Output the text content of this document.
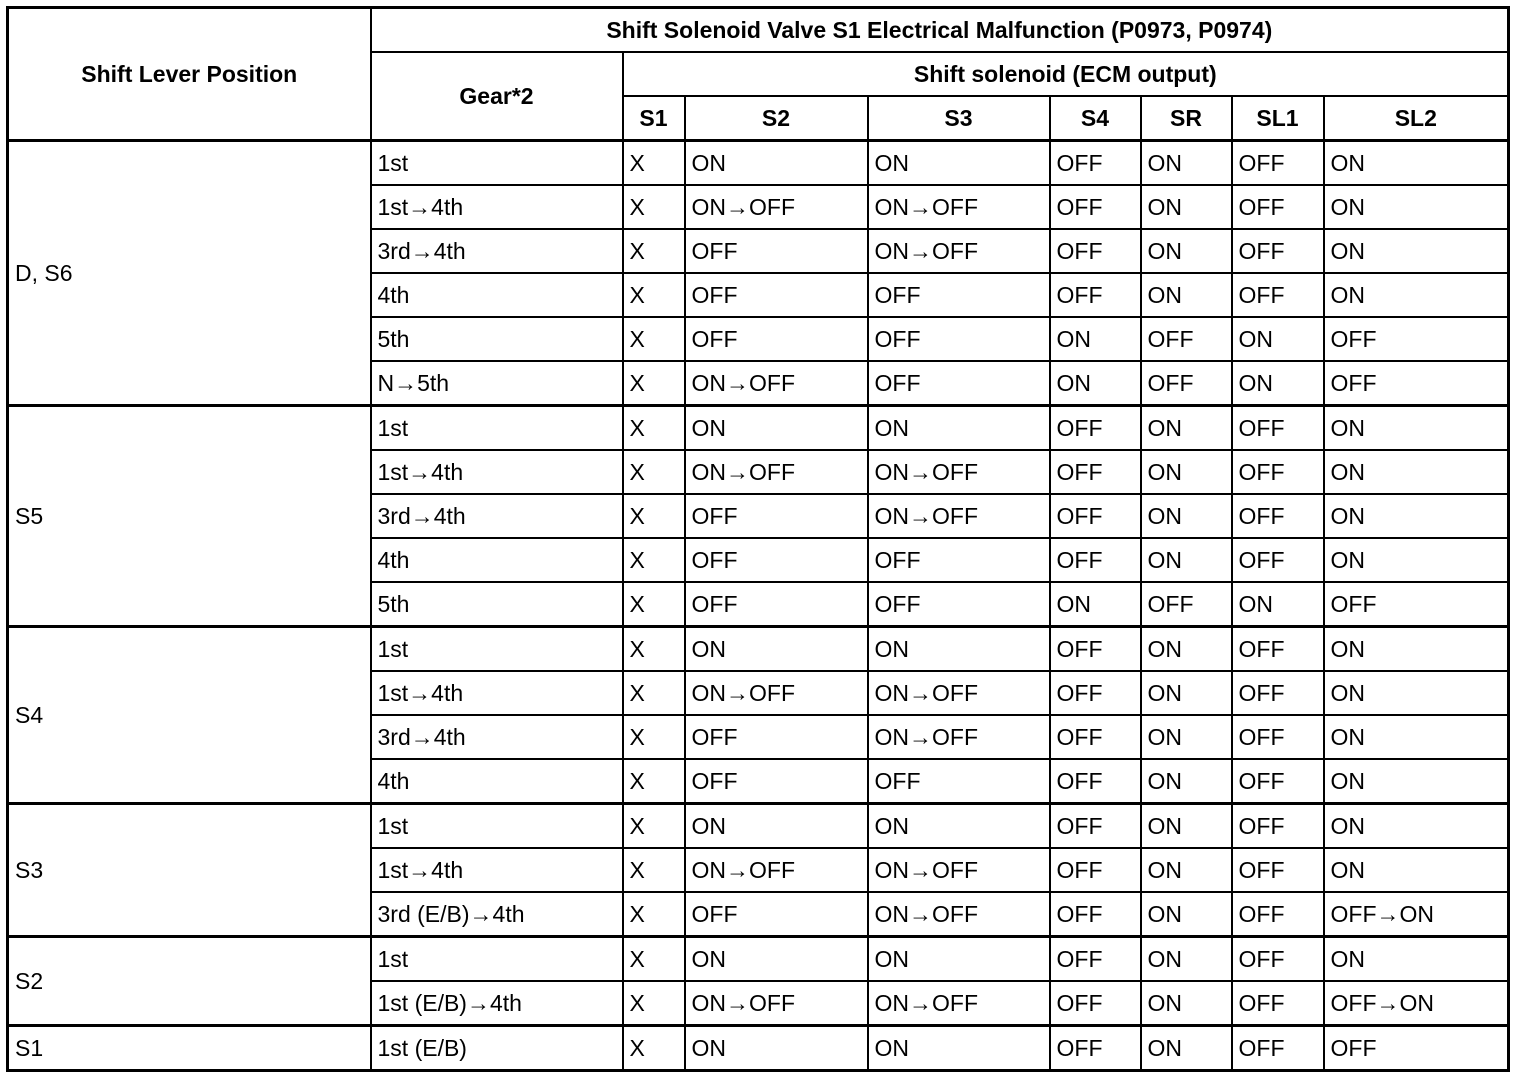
Shift Lever Position	Shift Solenoid Valve S1 Electrical Malfunction (P0973, P0974)							
	Gear*2	Shift solenoid (ECM output)						
		S1	S2	S3	S4	SR	SL1	SL2
D, S6	1st	X	ON	ON	OFF	ON	OFF	ON
	1st→4th	X	ON→OFF	ON→OFF	OFF	ON	OFF	ON
	3rd→4th	X	OFF	ON→OFF	OFF	ON	OFF	ON
	4th	X	OFF	OFF	OFF	ON	OFF	ON
	5th	X	OFF	OFF	ON	OFF	ON	OFF
	N→5th	X	ON→OFF	OFF	ON	OFF	ON	OFF
S5	1st	X	ON	ON	OFF	ON	OFF	ON
	1st→4th	X	ON→OFF	ON→OFF	OFF	ON	OFF	ON
	3rd→4th	X	OFF	ON→OFF	OFF	ON	OFF	ON
	4th	X	OFF	OFF	OFF	ON	OFF	ON
	5th	X	OFF	OFF	ON	OFF	ON	OFF
S4	1st	X	ON	ON	OFF	ON	OFF	ON
	1st→4th	X	ON→OFF	ON→OFF	OFF	ON	OFF	ON
	3rd→4th	X	OFF	ON→OFF	OFF	ON	OFF	ON
	4th	X	OFF	OFF	OFF	ON	OFF	ON
S3	1st	X	ON	ON	OFF	ON	OFF	ON
	1st→4th	X	ON→OFF	ON→OFF	OFF	ON	OFF	ON
	3rd (E/B)→4th	X	OFF	ON→OFF	OFF	ON	OFF	OFF→ON
S2	1st	X	ON	ON	OFF	ON	OFF	ON
	1st (E/B)→4th	X	ON→OFF	ON→OFF	OFF	ON	OFF	OFF→ON
S1	1st (E/B)	X	ON	ON	OFF	ON	OFF	OFF
